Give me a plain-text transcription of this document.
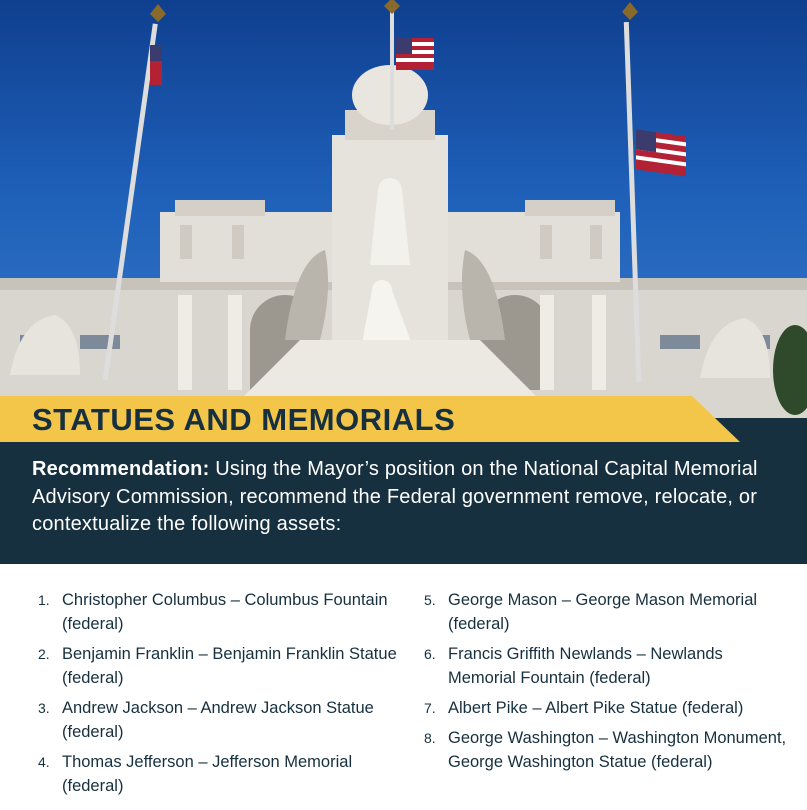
STATUES AND MEMORIALS

Recommendation: Using the Mayor’s position on the National Capital Memorial Advisory Commission, recommend the Federal government remove, relocate, or contextualize the following assets:

1. Christopher Columbus – Columbus Fountain (federal)
2. Benjamin Franklin – Benjamin Franklin Statue (federal)
3. Andrew Jackson – Andrew Jackson Statue (federal)
4. Thomas Jefferson – Jefferson Memorial (federal)
5. George Mason – George Mason Memorial (federal)
6. Francis Griffith Newlands – Newlands Memorial Fountain (federal)
7. Albert Pike – Albert Pike Statue (federal)
8. George Washington – Washington Monument, George Washington Statue (federal)
